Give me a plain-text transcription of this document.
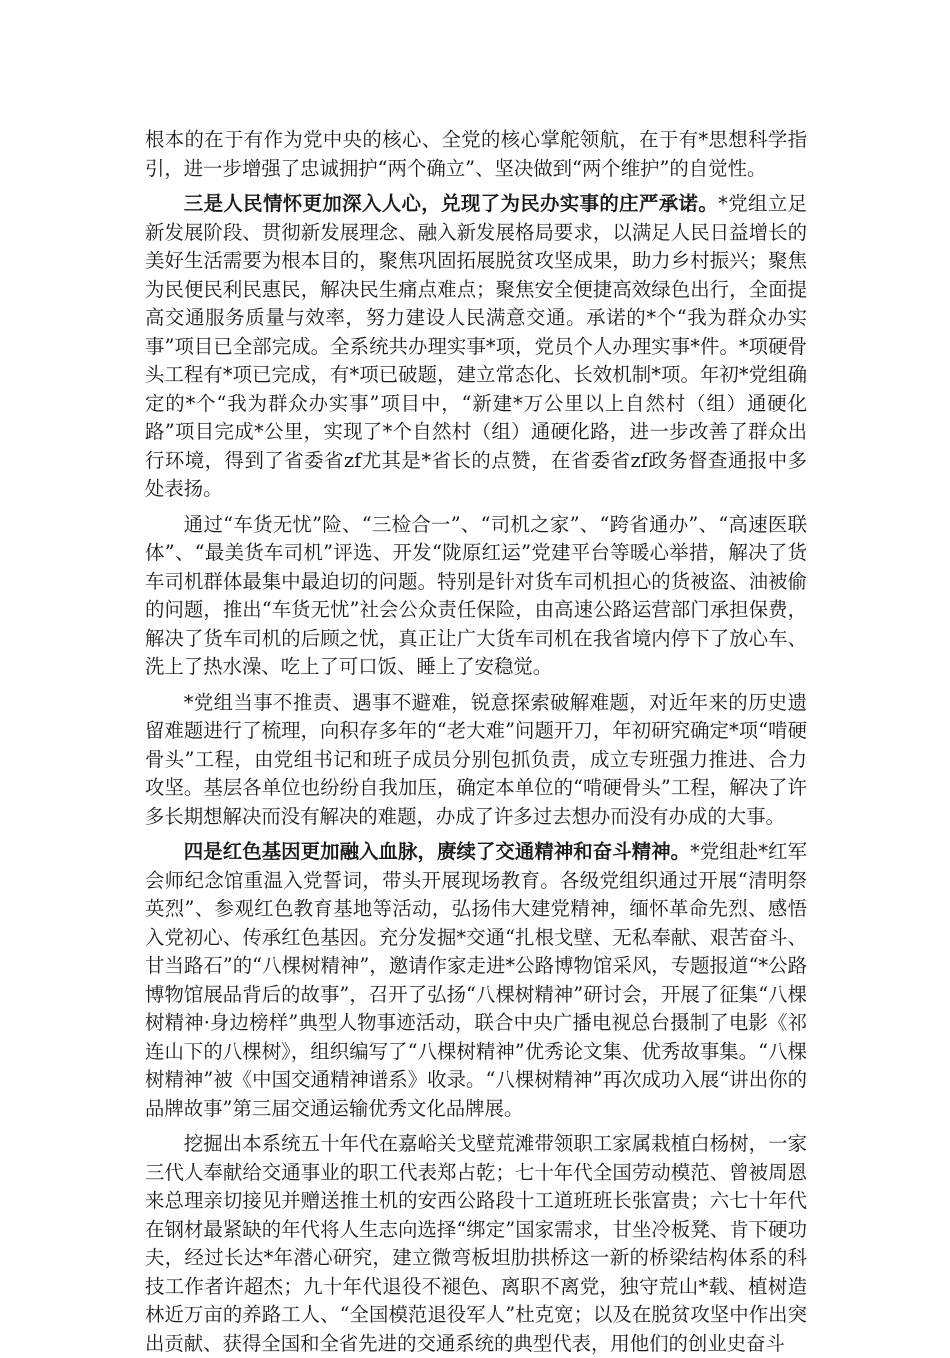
根本的在于有作为党中央的核心、全党的核心掌舵领航，在于有*思想科学指引，进一步增强了忠诚拥护“两个确立”、坚决做到“两个维护”的自觉性。

三是人民情怀更加深入人心，兑现了为民办实事的庄严承诺。*党组立足新发展阶段、贯彻新发展理念、融入新发展格局要求，以满足人民日益增长的美好生活需要为根本目的，聚焦巩固拓展脱贫攻坚成果，助力乡村振兴；聚焦为民便民利民惠民，解决民生痛点难点；聚焦安全便捷高效绿色出行，全面提高交通服务质量与效率，努力建设人民满意交通。承诺的*个“我为群众办实事”项目已全部完成。全系统共办理实事*项，党员个人办理实事*件。*项硬骨头工程有*项已完成，有*项已破题，建立常态化、长效机制*项。年初*党组确定的*个“我为群众办实事”项目中，“新建*万公里以上自然村（组）通硬化路”项目完成*公里，实现了*个自然村（组）通硬化路，进一步改善了群众出行环境，得到了省委省zf尤其是*省长的点赞，在省委省zf政务督查通报中多处表扬。

通过“车货无忧”险、“三检合一”、“司机之家”、“跨省通办”、“高速医联体”、“最美货车司机”评选、开发“陇原红运”党建平台等暖心举措，解决了货车司机群体最集中最迫切的问题。特别是针对货车司机担心的货被盗、油被偷的问题，推出“车货无忧”社会公众责任保险，由高速公路运营部门承担保费，解决了货车司机的后顾之忧，真正让广大货车司机在我省境内停下了放心车、洗上了热水澡、吃上了可口饭、睡上了安稳觉。

*党组当事不推责、遇事不避难，锐意探索破解难题，对近年来的历史遗留难题进行了梳理，向积存多年的“老大难”问题开刀，年初研究确定*项“啃硬骨头”工程，由党组书记和班子成员分别包抓负责，成立专班强力推进、合力攻坚。基层各单位也纷纷自我加压，确定本单位的“啃硬骨头”工程，解决了许多长期想解决而没有解决的难题，办成了许多过去想办而没有办成的大事。

四是红色基因更加融入血脉，赓续了交通精神和奋斗精神。*党组赴*红军会师纪念馆重温入党誓词，带头开展现场教育。各级党组织通过开展“清明祭英烈”、参观红色教育基地等活动，弘扬伟大建党精神，缅怀革命先烈、感悟入党初心、传承红色基因。充分发掘*交通“扎根戈壁、无私奉献、艰苦奋斗、甘当路石”的“八棵树精神”，邀请作家走进*公路博物馆采风，专题报道“*公路博物馆展品背后的故事”，召开了弘扬“八棵树精神”研讨会，开展了征集“八棵树精神·身边榜样”典型人物事迹活动，联合中央广播电视总台摄制了电影《祁连山下的八棵树》，组织编写了“八棵树精神”优秀论文集、优秀故事集。“八棵树精神”被《中国交通精神谱系》收录。“八棵树精神”再次成功入展“讲出你的品牌故事”第三届交通运输优秀文化品牌展。

挖掘出本系统五十年代在嘉峪关戈壁荒滩带领职工家属栽植白杨树，一家三代人奉献给交通事业的职工代表郑占乾；七十年代全国劳动模范、曾被周恩来总理亲切接见并赠送推土机的安西公路段十工道班班长张富贵；六七十年代在钢材最紧缺的年代将人生志向选择“绑定”国家需求，甘坐冷板凳、肯下硬功夫，经过长达*年潜心研究，建立微弯板坦肋拱桥这一新的桥梁结构体系的科技工作者许超杰；九十年代退役不褪色、离职不离党，独守荒山*载、植树造林近万亩的养路工人、“全国模范退役军人”杜克宽；以及在脱贫攻坚中作出突出贡献、获得全国和全省先进的交通系统的典型代表，用他们的创业史奋斗
